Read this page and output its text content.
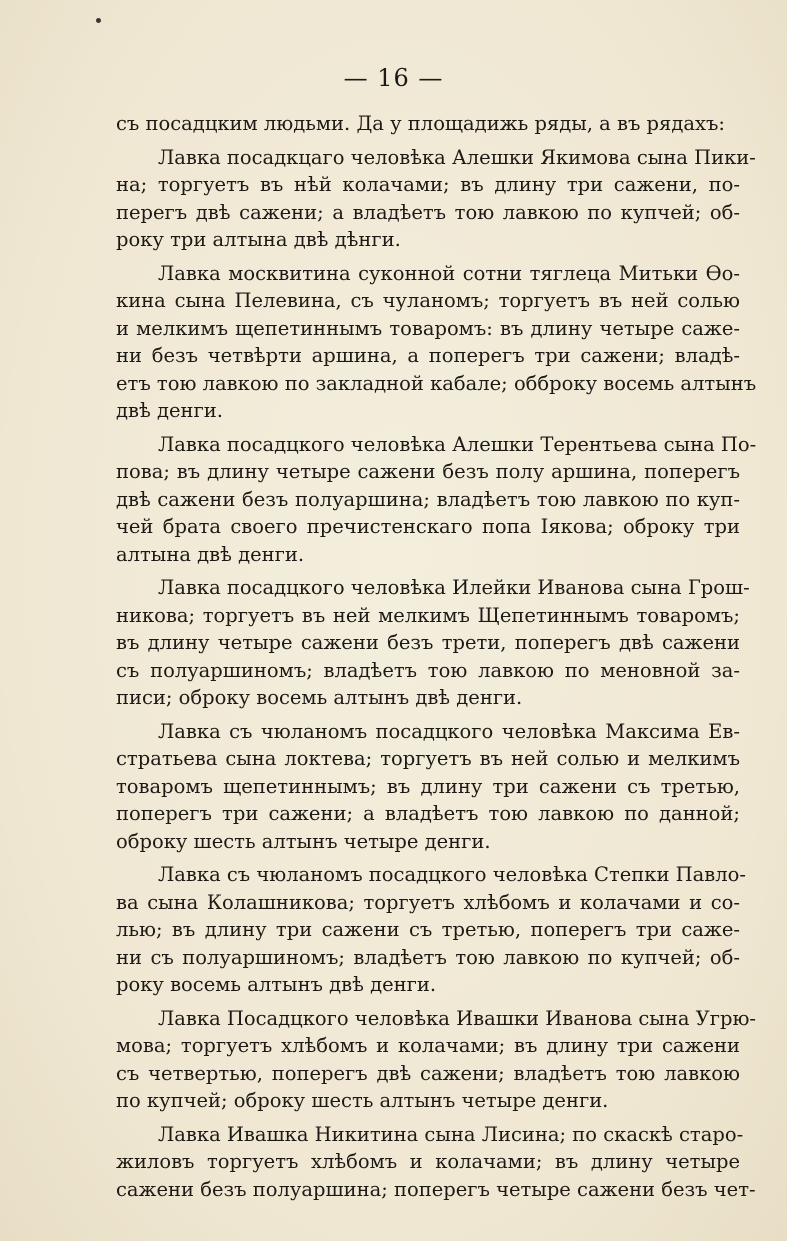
— 16 —
съ посадцким людьми. Да у площадижь ряды, а въ рядахъ:
Лавка посадкцаго человѣка Алешки Якимова сына Пики-
на; торгуетъ въ нѣй колачами; въ длину три сажени, по-
перегъ двѣ сажени; а владѣетъ тою лавкою по купчей; об-
року три алтына двѣ дѣнги.
Лавка москвитина суконной сотни тяглеца Митьки Ѳо-
кина сына Пелевина, съ чуланомъ; торгуетъ въ ней солью
и мелкимъ щепетиннымъ товаромъ: въ длину четыре саже-
ни безъ четвѣрти аршина, а поперегъ три сажени; владѣ-
етъ тою лавкою по закладной кабале; обброку восемь алтынъ
двѣ денги.
Лавка посадцкого человѣка Алешки Терентьева сына По-
пова; въ длину четыре сажени безъ полу аршина, поперегъ
двѣ сажени безъ полуаршина; владѣетъ тою лавкою по куп-
чей брата своего пречистенскаго попа Іякова; оброку три
алтына двѣ денги.
Лавка посадцкого человѣка Илейки Иванова сына Грош-
никова; торгуетъ въ ней мелкимъ Щепетиннымъ товаромъ;
въ длину четыре сажени безъ трети, поперегъ двѣ сажени
съ полуаршиномъ; владѣетъ тою лавкою по меновной за-
писи; оброку восемь алтынъ двѣ денги.
Лавка съ чюланомъ посадцкого человѣка Максима Ев-
стратьева сына локтева; торгуетъ въ ней солью и мелкимъ
товаромъ щепетиннымъ; въ длину три сажени съ третью,
поперегъ три сажени; а владѣетъ тою лавкою по данной;
оброку шесть алтынъ четыре денги.
Лавка съ чюланомъ посадцкого человѣка Степки Павло-
ва сына Колашникова; торгуетъ хлѣбомъ и колачами и со-
лью; въ длину три сажени съ третью, поперегъ три саже-
ни съ полуаршиномъ; владѣетъ тою лавкою по купчей; об-
року восемь алтынъ двѣ денги.
Лавка Посадцкого человѣка Ивашки Иванова сына Угрю-
мова; торгуетъ хлѣбомъ и колачами; въ длину три сажени
съ четвертью, поперегъ двѣ сажени; владѣетъ тою лавкою
по купчей; оброку шесть алтынъ четыре денги.
Лавка Ивашка Никитина сына Лисина; по скаскѣ старо-
жиловъ торгуетъ хлѣбомъ и колачами; въ длину четыре
сажени безъ полуаршина; поперегъ четыре сажени безъ чет-
